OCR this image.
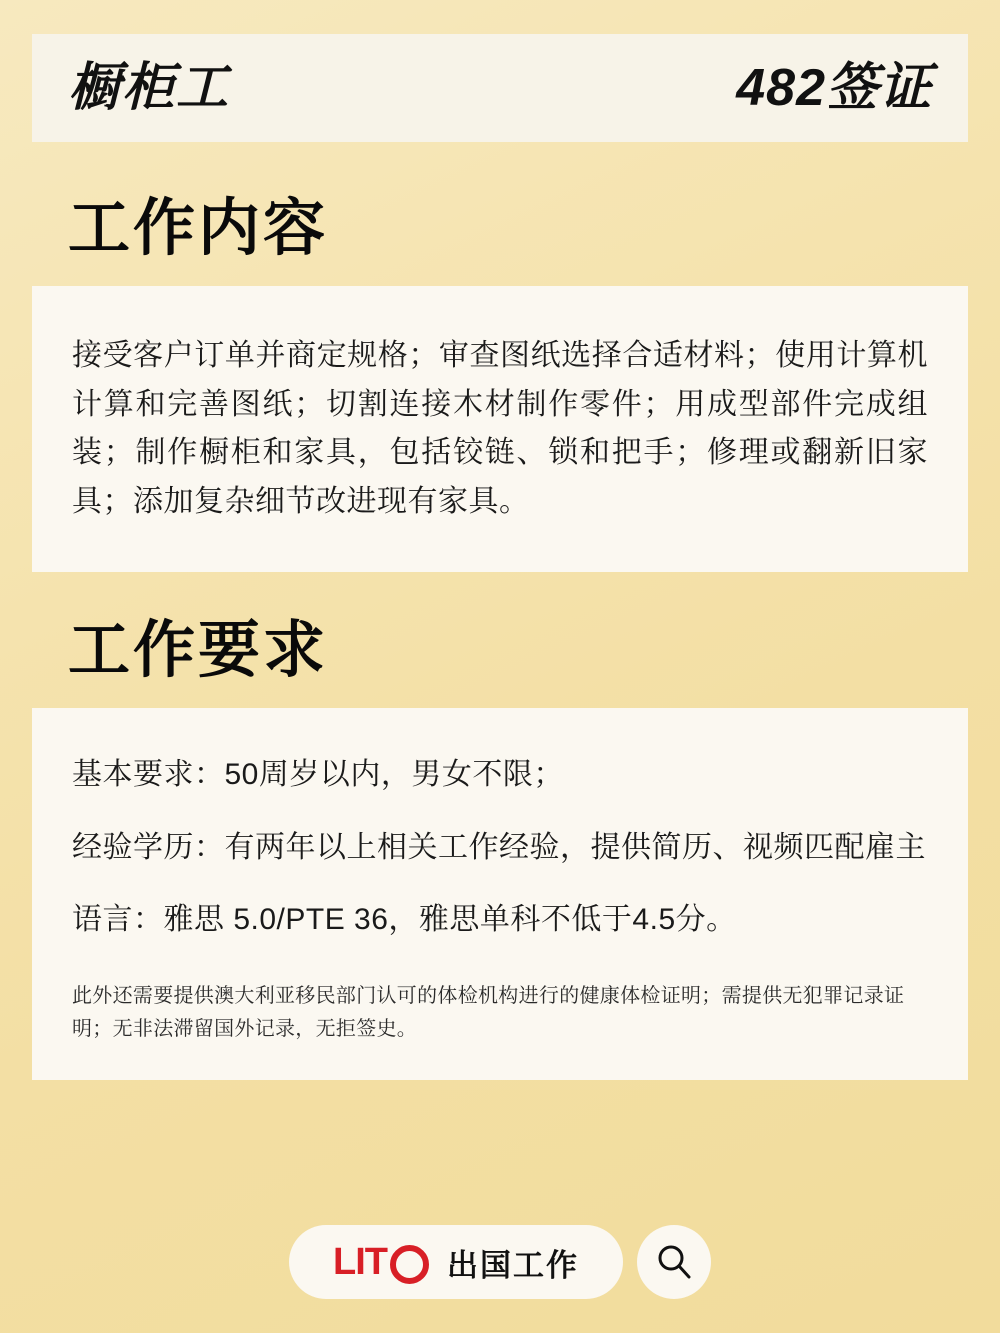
橱柜工	482签证
工作内容
接受客户订单并商定规格；审查图纸选择合适材料；使用计算机计算和完善图纸；切割连接木材制作零件；用成型部件完成组装；制作橱柜和家具，包括铰链、锁和把手；修理或翻新旧家具；添加复杂细节改进现有家具。
工作要求
基本要求：50周岁以内，男女不限；
经验学历：有两年以上相关工作经验，提供简历、视频匹配雇主
语言：雅思 5.0/PTE 36，雅思单科不低于4.5分。
此外还需要提供澳大利亚移民部门认可的体检机构进行的健康体检证明；需提供无犯罪记录证明；无非法滞留国外记录，无拒签史。
LIT 出国工作
